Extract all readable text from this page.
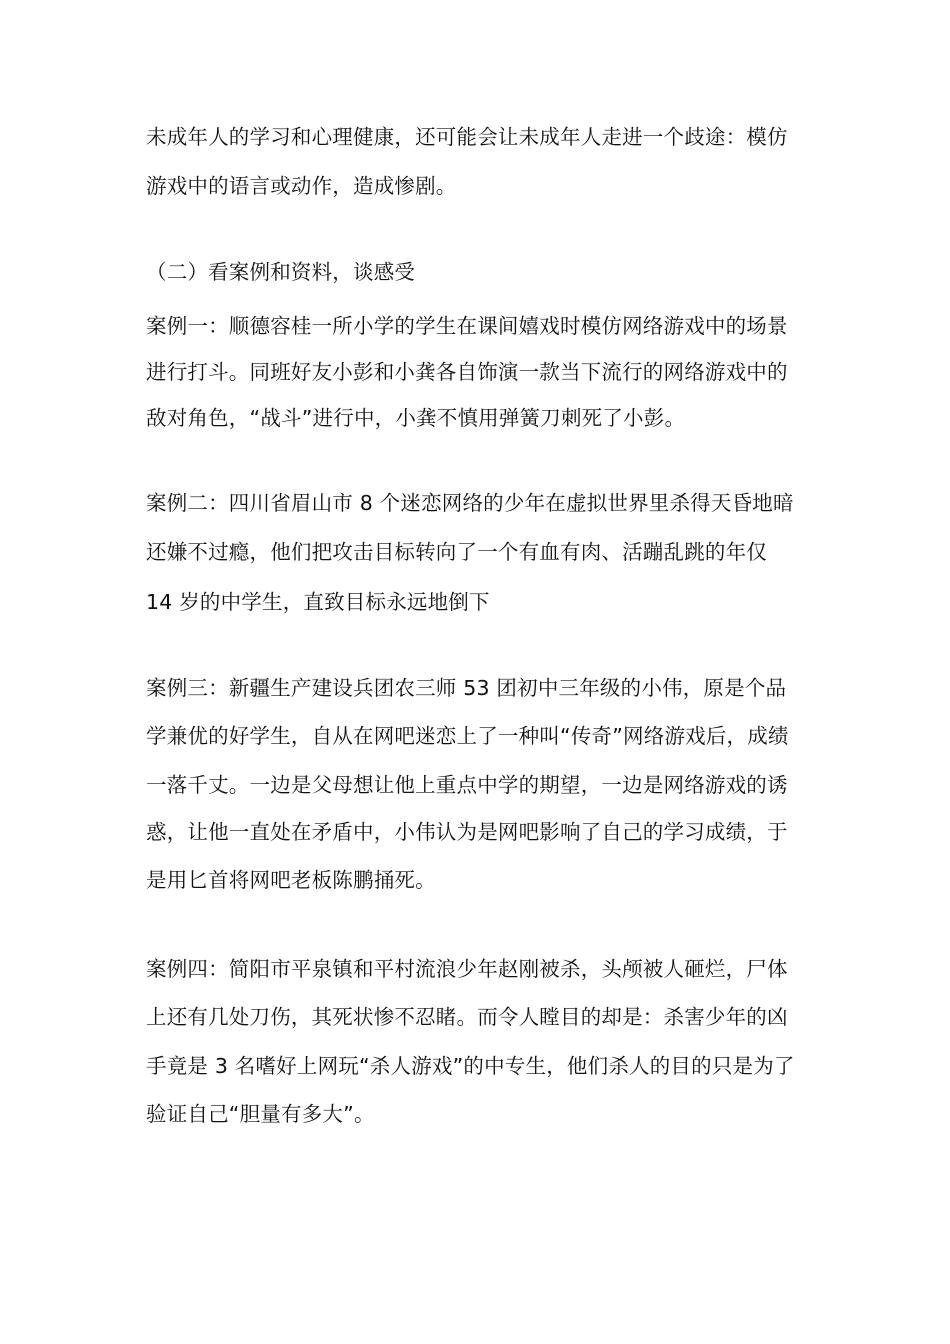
未成年人的学习和心理健康，还可能会让未成年人走进一个歧途：模仿
游戏中的语言或动作，造成惨剧。
（二）看案例和资料，谈感受
案例一：顺德容桂一所小学的学生在课间嬉戏时模仿网络游戏中的场景
进行打斗。同班好友小彭和小龚各自饰演一款当下流行的网络游戏中的
敌对角色，“战斗”进行中，小龚不慎用弹簧刀刺死了小彭。
案例二：四川省眉山市 8 个迷恋网络的少年在虚拟世界里杀得天昏地暗
还嫌不过瘾，他们把攻击目标转向了一个有血有肉、活蹦乱跳的年仅
14 岁的中学生，直致目标永远地倒下
案例三：新疆生产建设兵团农三师 53 团初中三年级的小伟，原是个品
学兼优的好学生，自从在网吧迷恋上了一种叫“传奇”网络游戏后，成绩
一落千丈。一边是父母想让他上重点中学的期望，一边是网络游戏的诱
惑，让他一直处在矛盾中，小伟认为是网吧影响了自己的学习成绩，于
是用匕首将网吧老板陈鹏捅死。
案例四：简阳市平泉镇和平村流浪少年赵刚被杀，头颅被人砸烂，尸体
上还有几处刀伤，其死状惨不忍睹。而令人瞠目的却是：杀害少年的凶
手竟是 3 名嗜好上网玩“杀人游戏”的中专生，他们杀人的目的只是为了
验证自己“胆量有多大”。
